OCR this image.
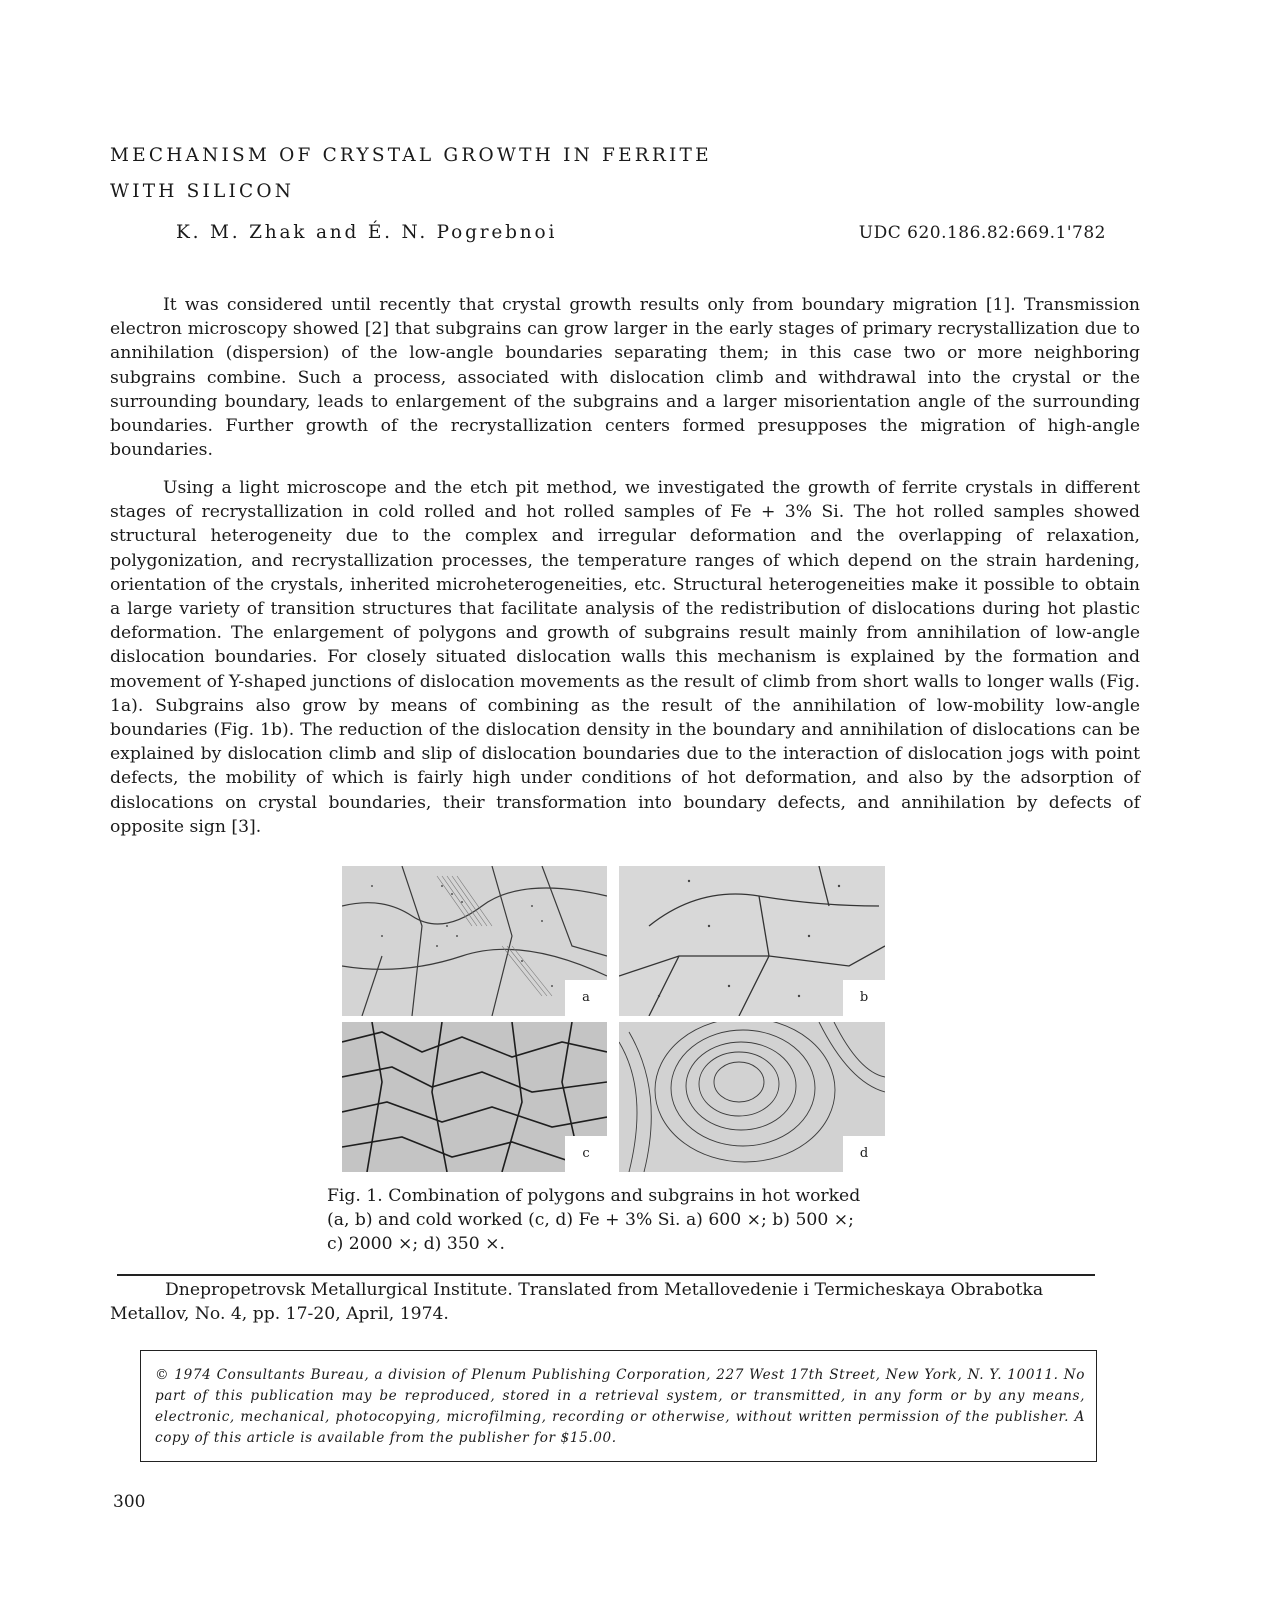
MECHANISM OF CRYSTAL GROWTH IN FERRITE
WITH SILICON
K. M. Zhak and É. N. Pogrebnoi	UDC 620.186.82:669.1'782

It was considered until recently that crystal growth results only from boundary migration [1]. Transmission electron microscopy showed [2] that subgrains can grow larger in the early stages of primary recrystallization due to annihilation (dispersion) of the low-angle boundaries separating them; in this case two or more neighboring subgrains combine. Such a process, associated with dislocation climb and withdrawal into the crystal or the surrounding boundary, leads to enlargement of the subgrains and a larger misorientation angle of the surrounding boundaries. Further growth of the recrystallization centers formed presupposes the migration of high-angle boundaries.

Using a light microscope and the etch pit method, we investigated the growth of ferrite crystals in different stages of recrystallization in cold rolled and hot rolled samples of Fe + 3% Si. The hot rolled samples showed structural heterogeneity due to the complex and irregular deformation and the overlapping of relaxation, polygonization, and recrystallization processes, the temperature ranges of which depend on the strain hardening, orientation of the crystals, inherited microheterogeneities, etc. Structural heterogeneities make it possible to obtain a large variety of transition structures that facilitate analysis of the redistribution of dislocations during hot plastic deformation. The enlargement of polygons and growth of subgrains result mainly from annihilation of low-angle dislocation boundaries. For closely situated dislocation walls this mechanism is explained by the formation and movement of Y-shaped junctions of dislocation movements as the result of climb from short walls to longer walls (Fig. 1a). Subgrains also grow by means of combining as the result of the annihilation of low-mobility low-angle boundaries (Fig. 1b). The reduction of the dislocation density in the boundary and annihilation of dislocations can be explained by dislocation climb and slip of dislocation boundaries due to the interaction of dislocation jogs with point defects, the mobility of which is fairly high under conditions of hot deformation, and also by the adsorption of dislocations on crystal boundaries, their transformation into boundary defects, and annihilation by defects of opposite sign [3].

a	b
c	d
Fig. 1. Combination of polygons and subgrains in hot worked
(a, b) and cold worked (c, d) Fe + 3% Si. a) 600 ×; b) 500 ×;
c) 2000 ×; d) 350 ×.

Dnepropetrovsk Metallurgical Institute. Translated from Metallovedenie i Termicheskaya Obrabotka Metallov, No. 4, pp. 17-20, April, 1974.

© 1974 Consultants Bureau, a division of Plenum Publishing Corporation, 227 West 17th Street, New York, N. Y. 10011. No part of this publication may be reproduced, stored in a retrieval system, or transmitted, in any form or by any means, electronic, mechanical, photocopying, microfilming, recording or otherwise, without written permission of the publisher. A copy of this article is available from the publisher for $15.00.

300
